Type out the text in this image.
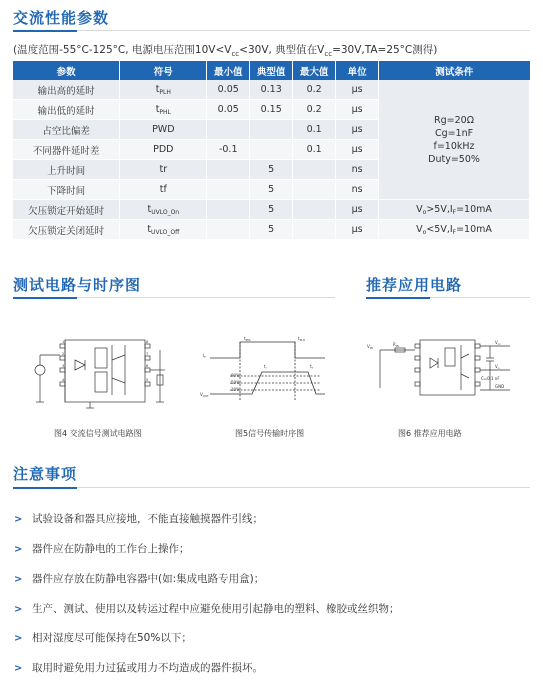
交流性能参数
(温度范围-55°C-125°C, 电源电压范围$10V<V_{cc}<30V$, 典型值在$V_{cc}=30V,TA=25^\circ C$测得)
参数	符号	最小值	典型值	最大值	单位	测试条件
输出高的延时	$t_{PLH}$	0.05	0.13	0.2	μs	Rg=20Ω
Cg=1nF
f=10kHz
Duty=50%

输出低的延时	$t_{PHL}$	0.05	0.15	0.2	μs	
占空比偏差	PWD			0.1	μs	
不同器件延时差	PDD	-0.1		0.1	μs	
上升时间	tr		5		ns	
下降时间	tf		5		ns	
欠压锁定开始延时	$t_{UVLO\_On}$		5		μs	$V_o>5V,I_F=10mA$
欠压锁定关闭延时	$t_{UVLO\_Off}$		5		μs	$V_o<5V,I_F=10mA$
测试电路与时序图	推荐应用电路
1
2
3
4
8
7
6
5
图4 交流信号测试电路图
$I_F$
$V_{OUT}$
$t_{PHL}$	$t_{PLH}$
50%
10%
90%
$t_r$	$t_f$
图5信号传输时序图
$V_{cc}$
$V_o$
$R_{IN}$
C=0.1 nF
GND
$V_{IN}$
图6 推荐应用电路
注意事项
> 试验设备和器具应接地，不能直接触摸器件引线；
> 器件应在防静电的工作台上操作；
> 器件应存放在防静电容器中(如:集成电路专用盒)；
> 生产、测试、使用以及转运过程中应避免使用引起静电的塑料、橡胶或丝织物；
> 相对湿度尽可能保持在50%以下；
> 取用时避免用力过猛或用力不均造成的器件损坏。
